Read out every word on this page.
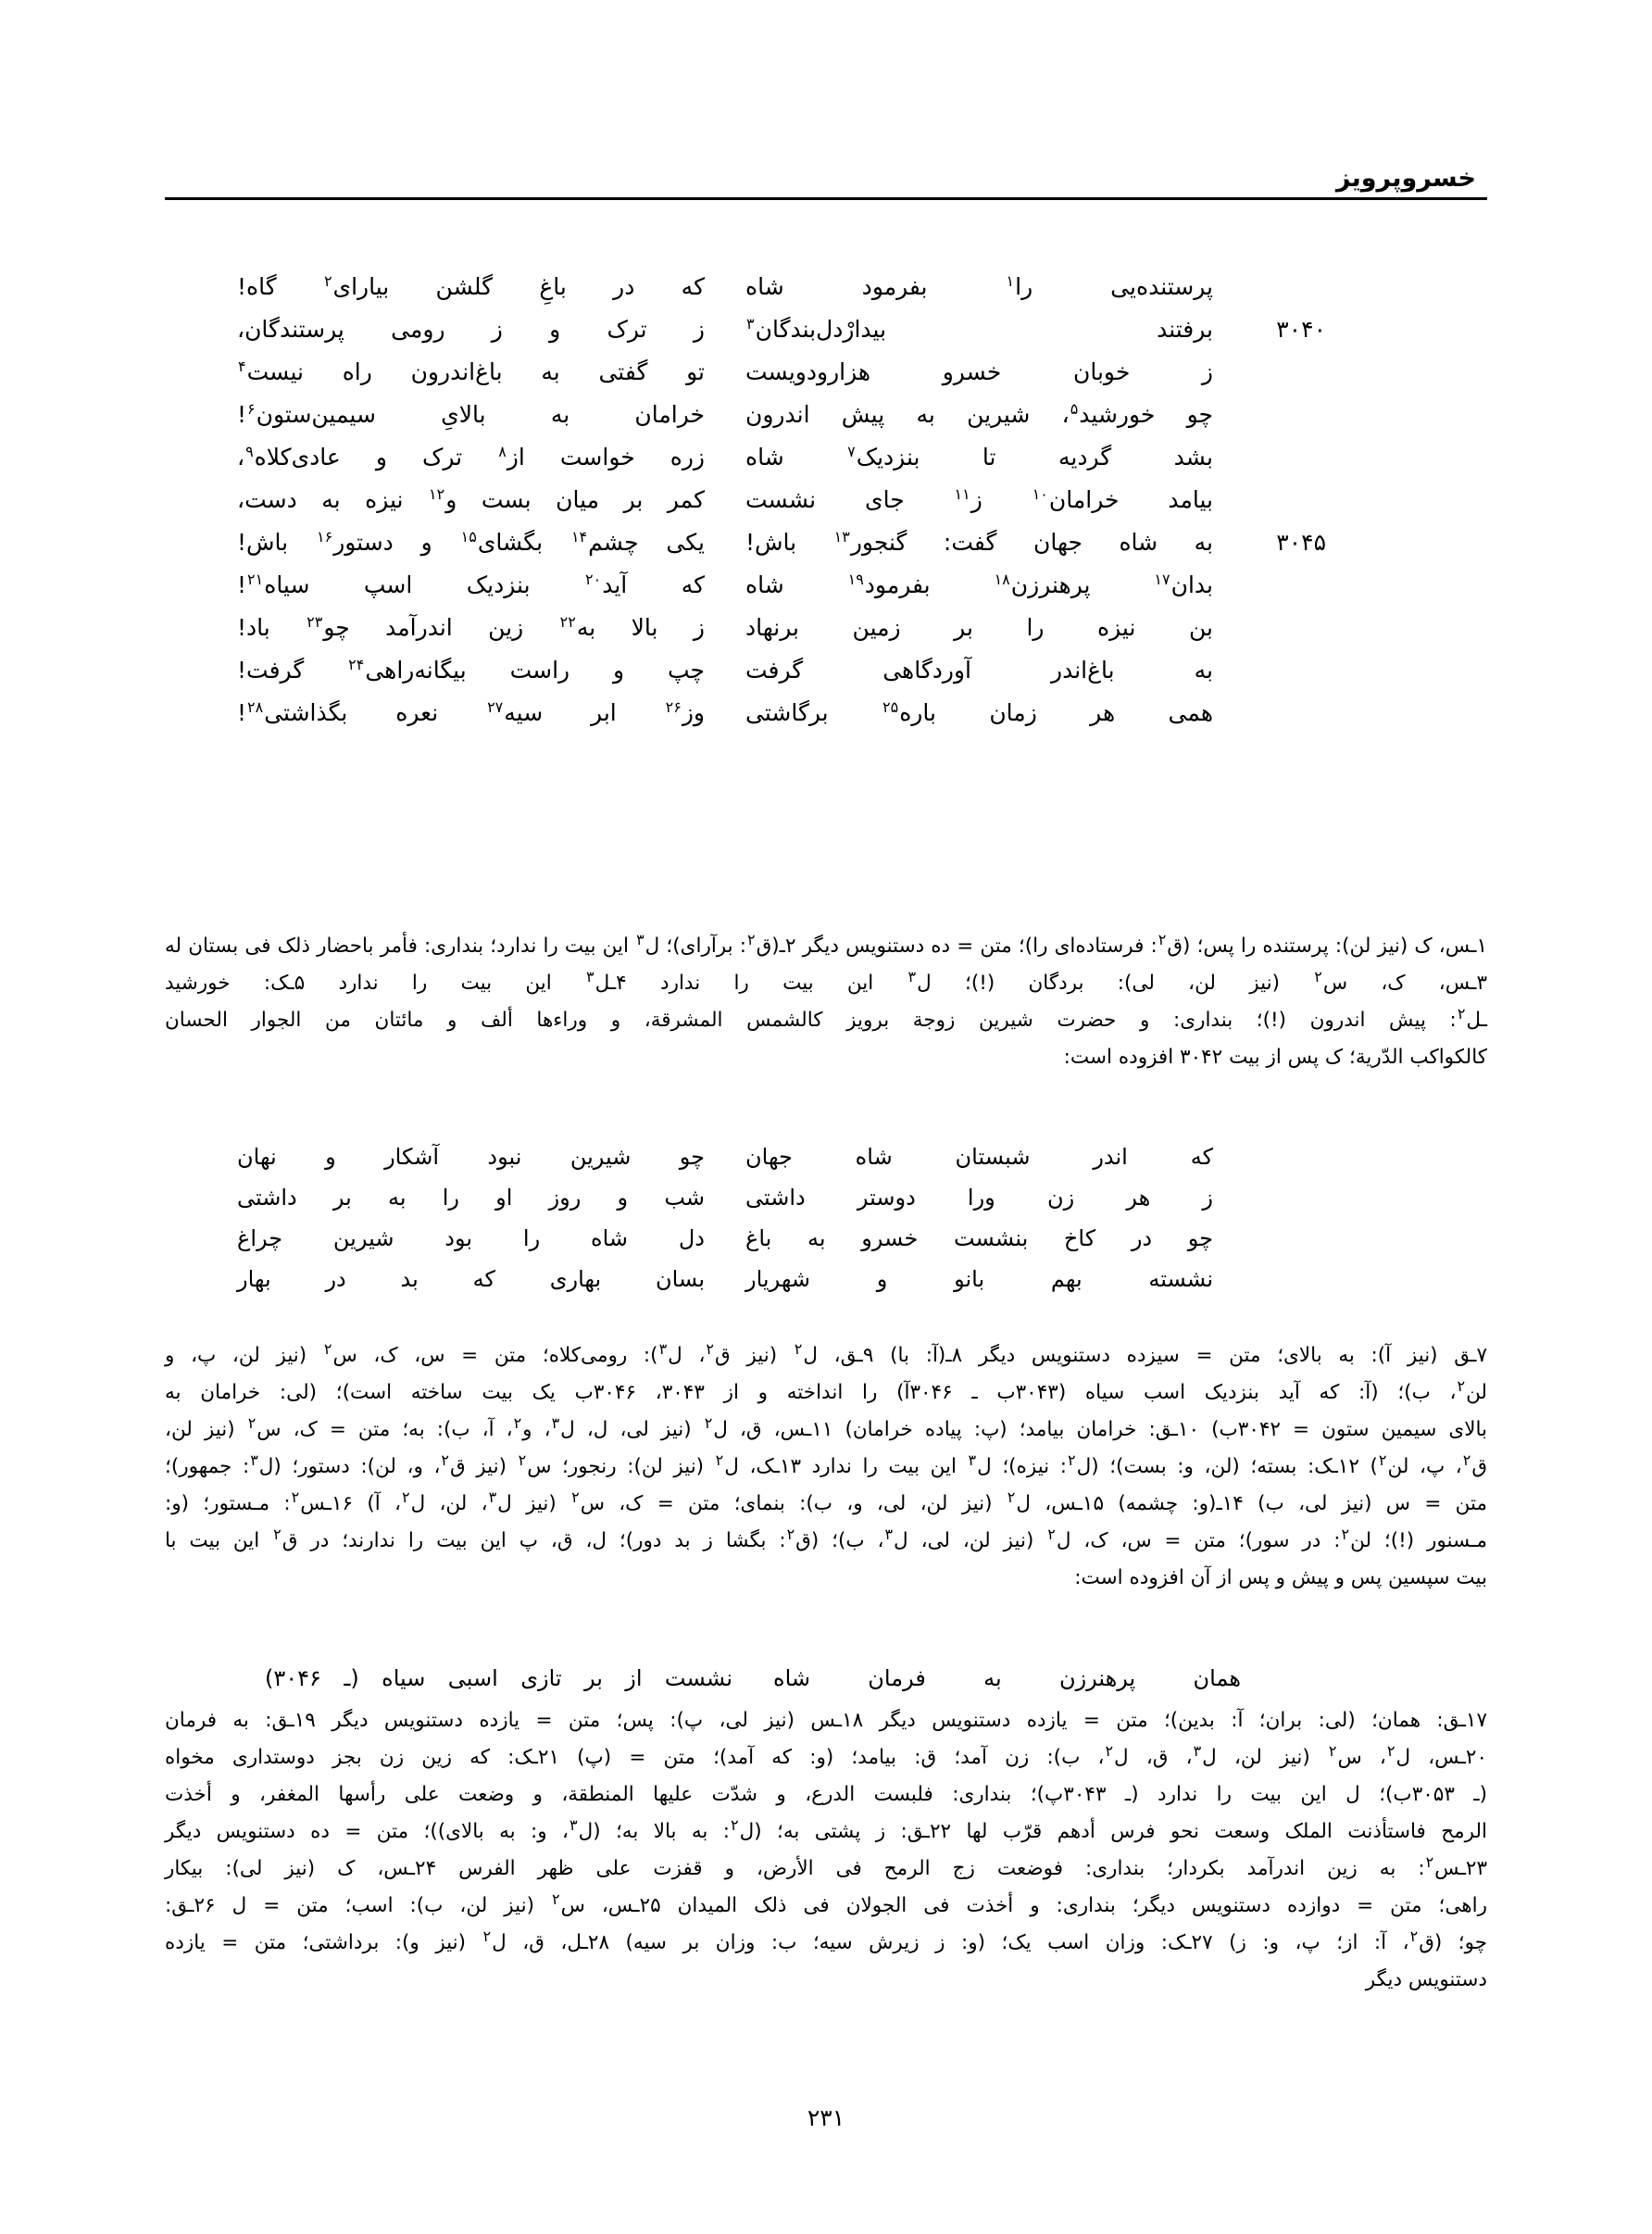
خسروپرویز
پرستنده‌یی را$^۱$ بفرمود شاه
که در باغِ گلشن بیارای$^۲$ گاه!
برفتند بیدارْدل‌بندگان$^۳$	۳۰۴۰
ز ترک و ز رومی پرستندگان،
ز خوبان خسرو هزارودویست
تو گفتی به باغ‌اندرون راه نیست$^۴$
چو خورشید$^۵$، شیرین به پیش اندرون
خرامان به بالایِ سیمین‌ستون$^۶$!
بشد گردیه تا بنزدیک$^۷$ شاه
زره خواست از$^۸$ ترک و عادی‌کلاه$^۹$،
بیامد خرامان$^{۱۰}$ ز$^{۱۱}$ جای نشست
کمر بر میان بست و$^{۱۲}$ نیزه به دست،
به شاه جهان گفت: گنجور$^{۱۳}$ باش!	۳۰۴۵
یکی چشم$^{۱۴}$ بگشای$^{۱۵}$ و دستور$^{۱۶}$ باش!
بدان$^{۱۷}$ پرهنرزن$^{۱۸}$ بفرمود$^{۱۹}$ شاه
که آید$^{۲۰}$ بنزدیک اسپ سیاه$^{۲۱}$!
بن نیزه را بر زمین برنهاد
ز بالا به$^{۲۲}$ زین اندرآمد چو$^{۲۳}$ باد!
به باغ‌اندر آوردگاهی گرفت
چپ و راست بیگانه‌راهی$^{۲۴}$ گرفت!
همی هر زمان باره$^{۲۵}$ برگاشتی
وز$^{۲۶}$ ابر سیه$^{۲۷}$ نعره بگذاشتی$^{۲۸}$!

۱ـس، ک (نیز لن): پرستنده را پس؛ (ق$^۲$: فرستاده‌ای را)؛ متن = ده دستنویس دیگر ۲ـ(ق$^۲$: برآرای)؛ ل$^۳$ این بیت را ندارد؛ بنداری: فأمر باحضار ذلک فی بستان له ۳ـس، ک، س$^۲$ (نیز لن، لی): بردگان (!)؛ ل$^۳$ این بیت را ندارد ۴ـل$^۳$ این بیت را ندارد ۵ـک: خورشید

ـل$^۲$: پیش اندرون (!)؛ بنداری: و حضرت شیرین زوجة برویز کالشمس المشرقة، و وراءها ألف و مائتان من الجوار الحسان

کالکواکب الدّریة؛ ک پس از بیت ۳۰۴۲ افزوده است:

که اندر شبستان شاه جهان
چو شیرین نبود آشکار و نهان
ز هر زن ورا دوستر داشتی
شب و روز او را به بر داشتی
چو در کاخ بنشست خسرو به باغ
دل شاه را بود شیرین چراغ
نشسته بهم بانو و شهریار
بسان بهاری که بد در بهار

۷ـق (نیز آ): به بالای؛ متن = سیزده دستنویس دیگر ۸ـ(آ: با) ۹ـق، ل$^۲$ (نیز ق$^۲$، ل$^۳$): رومی‌کلاه؛ متن = س، ک، س$^۲$ (نیز لن، پ، و

لن$^۲$، ب)؛ (آ: که آید بنزدیک اسب سیاه (۳۰۴۳ب ـ ۳۰۴۶آ) را انداخته و از ۳۰۴۳، ۳۰۴۶ب یک بیت ساخته است)؛ (لی: خرامان به

بالای سیمین ستون = ۳۰۴۲ب) ۱۰ـق: خرامان بیامد؛ (پ: پیاده خرامان) ۱۱ـس، ق، ل$^۲$ (نیز لی، ل، ل$^۳$، و$^۲$، آ، ب): به؛ متن = ک، س$^۲$ (نیز لن،

ق$^۲$، پ، لن$^۲$) ۱۲ـک: بسته؛ (لن، و: بست)؛ (ل$^۲$: نیزه)؛ ل$^۳$ این بیت را ندارد ۱۳ـک، ل$^۲$ (نیز لن): رنجور؛ س$^۲$ (نیز ق$^۲$، و، لن): دستور؛ (ل$^۳$: جمهور)؛

متن = س (نیز لی، ب) ۱۴ـ(و: چشمه) ۱۵ـس، ل$^۲$ (نیز لن، لی، و، ب): بنمای؛ متن = ک، س$^۲$ (نیز ل$^۳$، لن، ل$^۲$، آ) ۱۶ـس$^۲$: مـستور؛ (و:

مـسنور (!)؛ لن$^۲$: در سور)؛ متن = س، ک، ل$^۲$ (نیز لن، لی، ل$^۳$، ب)؛ (ق$^۲$: بگشا ز بد دور)؛ ل، ق، پ این بیت را ندارند؛ در ق$^۲$ این بیت با

بیت سپسین پس و پیش و پس از آن افزوده است:

همان پرهنرزن به فرمان شاه
نشست از بر تازی اسبی سیاه (ـ ۳۰۴۶)

۱۷ـق: همان؛ (لی: بران؛ آ: بدین)؛ متن = یازده دستنویس دیگر ۱۸ـس (نیز لی، پ): پس؛ متن = یازده دستنویس دیگر ۱۹ـق: به فرمان

۲۰ـس، ل$^۲$، س$^۲$ (نیز لن، ل$^۳$، ق، ل$^۲$، ب): زن آمد؛ ق: بیامد؛ (و: که آمد)؛ متن = (پ) ۲۱ـک: که زین زن بجز دوستداری مخواه

(ـ ۳۰۵۳ب)؛ ل این بیت را ندارد (ـ ۳۰۴۳پ)؛ بنداری: فلبست الدرع، و شدّت علیها المنطقة، و وضعت علی رأسها المغفر، و أخذت

الرمح فاستأذنت الملک وسعت نحو فرس أدهم قرّب لها ۲۲ـق: ز پشتی به؛ (ل$^۲$: به بالا به؛ (ل$^۳$، و: به بالای))؛ متن = ده دستنویس دیگر

۲۳ـس$^۲$: به زین اندرآمد بکردار؛ بنداری: فوضعت زج الرمح فی الأرض، و قفزت علی ظهر الفرس ۲۴ـس، ک (نیز لی): بیکار

راهی؛ متن = دوازده دستنویس دیگر؛ بنداری: و أخذت فی الجولان فی ذلک المیدان ۲۵ـس، س$^۲$ (نیز لن، ب): اسب؛ متن = ل ۲۶ـق:

چو؛ (ق$^۲$، آ: از؛ پ، و: ز) ۲۷ـک: وزان اسب یک؛ (و: ز زیرش سیه؛ ب: وزان بر سیه) ۲۸ـل، ق، ل$^۲$ (نیز و): برداشتی؛ متن = یازده

دستنویس دیگر

۲۳۱
